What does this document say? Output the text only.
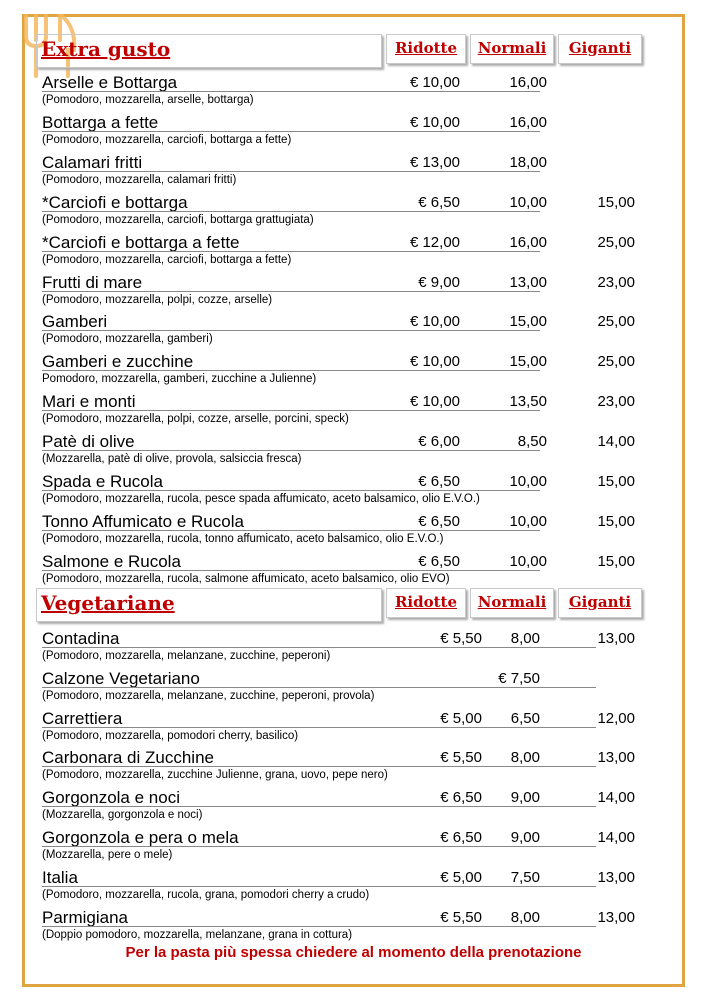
Extra gusto	Ridotte	Normali	Giganti
Arselle e Bottarga
(Pomodoro, mozzarella, arselle, bottarga)
€ 10,00	16,00
Bottarga a fette
(Pomodoro, mozzarella, carciofi, bottarga a fette)
€ 10,00	16,00
Calamari fritti
(Pomodoro, mozzarella, calamari fritti)
€ 13,00	18,00
*Carciofi e bottarga
(Pomodoro, mozzarella, carciofi, bottarga grattugiata)
€ 6,50	10,00	15,00
*Carciofi e bottarga a fette
(Pomodoro, mozzarella, carciofi, bottarga a fette)
€ 12,00	16,00	25,00
Frutti di mare
(Pomodoro, mozzarella, polpi, cozze, arselle)
€ 9,00	13,00	23,00
Gamberi
(Pomodoro, mozzarella, gamberi)
€ 10,00	15,00	25,00
Gamberi e zucchine
Pomodoro, mozzarella, gamberi, zucchine a Julienne)
€ 10,00	15,00	25,00
Mari e monti
(Pomodoro, mozzarella, polpi, cozze, arselle, porcini, speck)
€ 10,00	13,50	23,00
Patè di olive
(Mozzarella, patè di olive, provola, salsiccia fresca)
€ 6,00	8,50	14,00
Spada e Rucola
(Pomodoro, mozzarella, rucola, pesce spada affumicato, aceto balsamico, olio E.V.O.)
€ 6,50	10,00	15,00
Tonno Affumicato e Rucola
(Pomodoro, mozzarella, rucola, tonno affumicato, aceto balsamico, olio E.V.O.)
€ 6,50	10,00	15,00
Salmone e Rucola
(Pomodoro, mozzarella, rucola, salmone affumicato, aceto balsamico, olio EVO)
€ 6,50	10,00	15,00
Vegetariane	Ridotte	Normali	Giganti
Contadina
(Pomodoro, mozzarella, melanzane, zucchine, peperoni)
€ 5,50 8,00	13,00
Calzone Vegetariano
(Pomodoro, mozzarella, melanzane, zucchine, peperoni, provola)
€ 7,50
Carrettiera
(Pomodoro, mozzarella, pomodori cherry, basilico)
€ 5,00 6,50	12,00
Carbonara di Zucchine
(Pomodoro, mozzarella, zucchine Julienne, grana, uovo, pepe nero)
€ 5,50 8,00	13,00
Gorgonzola e noci
(Mozzarella, gorgonzola e noci)
€ 6,50 9,00	14,00
Gorgonzola e pera o mela
(Mozzarella, pere o mele)
€ 6,50 9,00	14,00
Italia
(Pomodoro, mozzarella, rucola, grana, pomodori cherry a crudo)
€ 5,00 7,50	13,00
Parmigiana
(Doppio pomodoro, mozzarella, melanzane, grana in cottura)
€ 5,50 8,00	13,00
Per la pasta più spessa chiedere al momento della prenotazione
